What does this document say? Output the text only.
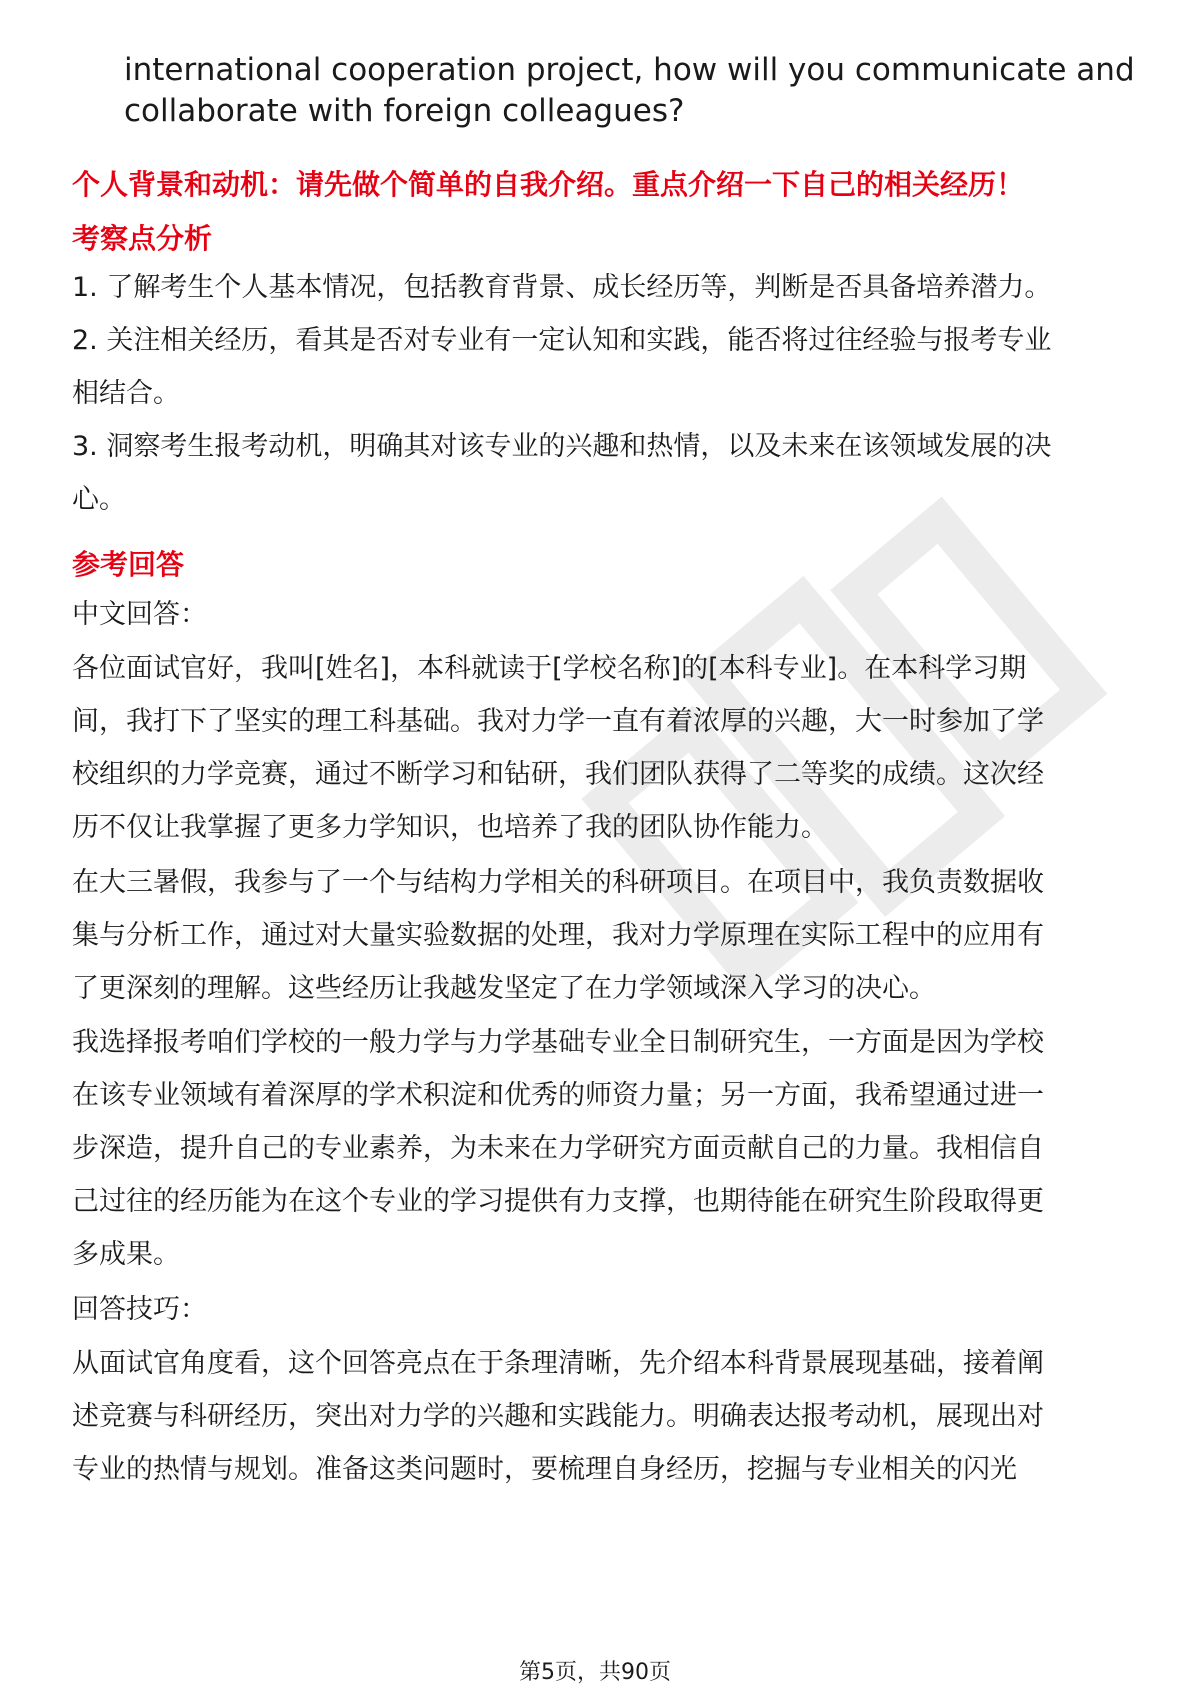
international cooperation project, how will you communicate and
collaborate with foreign colleagues?
个人背景和动机：请先做个简单的自我介绍。重点介绍一下自己的相关经历！
考察点分析
1. 了解考生个人基本情况，包括教育背景、成长经历等，判断是否具备培养潜力。
2. 关注相关经历，看其是否对专业有一定认知和实践，能否将过往经验与报考专业
相结合。
3. 洞察考生报考动机，明确其对该专业的兴趣和热情，以及未来在该领域发展的决
心。
参考回答
中文回答：
各位面试官好，我叫[姓名]，本科就读于[学校名称]的[本科专业]。在本科学习期
间，我打下了坚实的理工科基础。我对力学一直有着浓厚的兴趣，大一时参加了学
校组织的力学竞赛，通过不断学习和钻研，我们团队获得了二等奖的成绩。这次经
历不仅让我掌握了更多力学知识，也培养了我的团队协作能力。
在大三暑假，我参与了一个与结构力学相关的科研项目。在项目中，我负责数据收
集与分析工作，通过对大量实验数据的处理，我对力学原理在实际工程中的应用有
了更深刻的理解。这些经历让我越发坚定了在力学领域深入学习的决心。
我选择报考咱们学校的一般力学与力学基础专业全日制研究生，一方面是因为学校
在该专业领域有着深厚的学术积淀和优秀的师资力量；另一方面，我希望通过进一
步深造，提升自己的专业素养，为未来在力学研究方面贡献自己的力量。我相信自
己过往的经历能为在这个专业的学习提供有力支撑，也期待能在研究生阶段取得更
多成果。
回答技巧：
从面试官角度看，这个回答亮点在于条理清晰，先介绍本科背景展现基础，接着阐
述竞赛与科研经历，突出对力学的兴趣和实践能力。明确表达报考动机，展现出对
专业的热情与规划。准备这类问题时，要梳理自身经历，挖掘与专业相关的闪光
第5页，共90页
